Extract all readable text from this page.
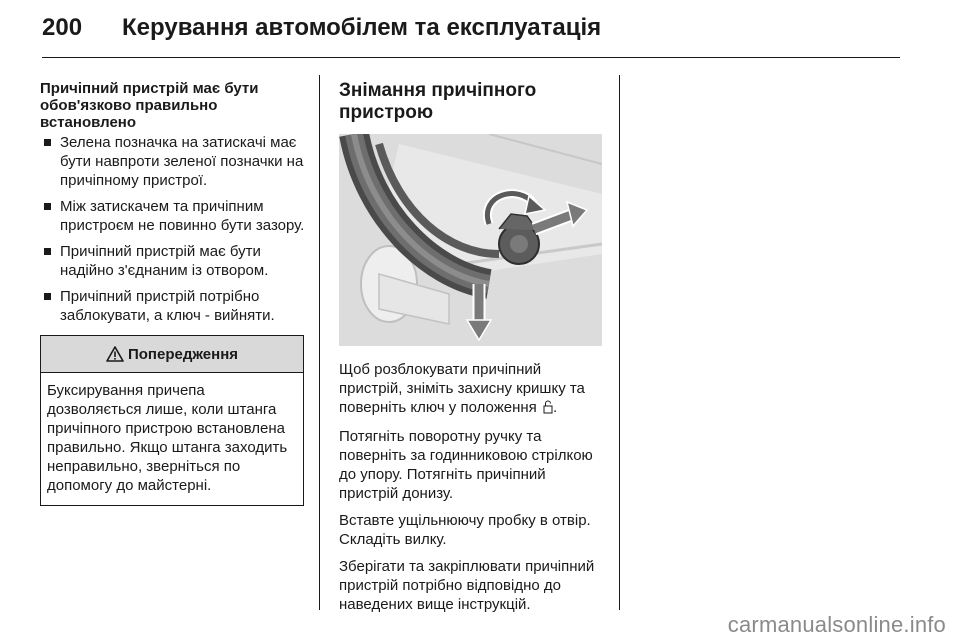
200	Керування автомобілем та експлуатація

Причіпний пристрій має бути обов'язково правильно встановлено

Зелена позначка на затискачі має бути навпроти зеленої позначки на причіпному пристрої.
Між затискачем та причіпним пристроєм не повинно бути зазору.
Причіпний пристрій має бути надійно з'єднаним із отвором.
Причіпний пристрій потрібно заблокувати, а ключ - вийняти.
Попередження
Буксирування причепа дозволяється лише, коли штанга причіпного пристрою встановлена правильно. Якщо штанга заходить неправильно, зверніться по допомогу до майстерні.
Знімання причіпного пристрою

Щоб розблокувати причіпний пристрій, зніміть захисну кришку та поверніть ключ у положення .

Потягніть поворотну ручку та поверніть за годинниковою стрілкою до упору. Потягніть причіпний пристрій донизу.

Вставте ущільнюючу пробку в отвір. Складіть вилку.

Зберігати та закріплювати причіпний пристрій потрібно відповідно до наведених вище інструкцій.

carmanualsonline.info
